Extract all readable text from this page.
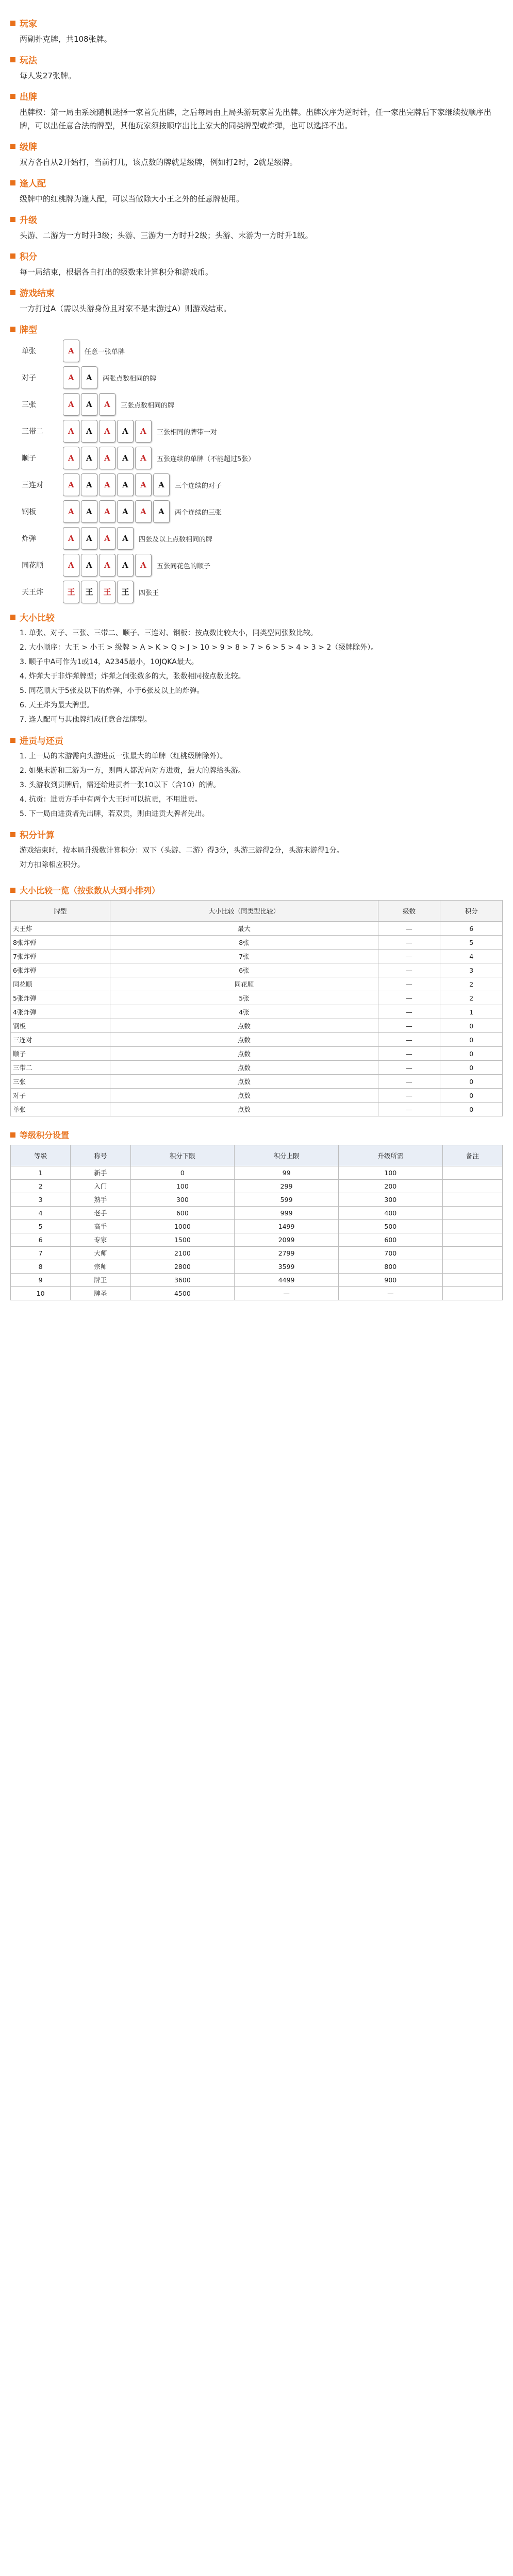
玩家
两副扑克牌，共108张牌。
玩法
每人发27张牌。
出牌
出牌权：第一局由系统随机选择一家首先出牌，之后每局由上局头游玩家首先出牌。出牌次序为逆时针，任一家出完牌后下家继续按顺序出牌，可以出任意合法的牌型，其他玩家须按顺序出比上家大的同类牌型或炸弹，也可以选择不出。
级牌
双方各自从2开始打，当前打几，该点数的牌就是级牌，例如打2时，2就是级牌。
逢人配
级牌中的红桃牌为逢人配，可以当做除大小王之外的任意牌使用。
升级
头游、二游为一方时升3级；头游、三游为一方时升2级；头游、末游为一方时升1级。
积分
每一局结束，根据各自打出的级数来计算积分和游戏币。
游戏结束
一方打过A（需以头游身份且对家不是末游过A）则游戏结束。
牌型
单张	A	任意一张单牌
对子	A	A	两张点数相同的牌
三张	A	A	A	三张点数相同的牌
三带二	A	A	A	A	A	三张相同的牌带一对
顺子	A	A	A	A	A	五张连续的单牌（不能超过5张）
三连对	A	A	A	A	A	A	三个连续的对子
钢板	A	A	A	A	A	A	两个连续的三张
炸弹	A	A	A	A	四张及以上点数相同的牌
同花顺	A	A	A	A	A	五张同花色的顺子
天王炸	王	王	王	王	四张王
大小比较
1. 单张、对子、三张、三带二、顺子、三连对、钢板：按点数比较大小，同类型同张数比较。
2. 大小顺序：大王 > 小王 > 级牌 > A > K > Q > J > 10 > 9 > 8 > 7 > 6 > 5 > 4 > 3 > 2（级牌除外）。
3. 顺子中A可作为1或14，A2345最小，10JQKA最大。
4. 炸弹大于非炸弹牌型；炸弹之间张数多的大，张数相同按点数比较。
5. 同花顺大于5张及以下的炸弹，小于6张及以上的炸弹。
6. 天王炸为最大牌型。
7. 逢人配可与其他牌组成任意合法牌型。
进贡与还贡
1. 上一局的末游需向头游进贡一张最大的单牌（红桃级牌除外）。
2. 如果末游和三游为一方，则两人都需向对方进贡，最大的牌给头游。
3. 头游收到贡牌后，需还给进贡者一张10以下（含10）的牌。
4. 抗贡：进贡方手中有两个大王时可以抗贡，不用进贡。
5. 下一局由进贡者先出牌，若双贡，则由进贡大牌者先出。
积分计算
游戏结束时，按本局升级数计算积分：双下（头游、二游）得3分，头游三游得2分，头游末游得1分。
对方扣除相应积分。
大小比较一览（按张数从大到小排列）
牌型	大小比较（同类型比较）	级数	积分
天王炸	最大	—	6
8张炸弹	8张	—	5
7张炸弹	7张	—	4
6张炸弹	6张	—	3
同花顺	同花顺	—	2
5张炸弹	5张	—	2
4张炸弹	4张	—	1
钢板	点数	—	0
三连对	点数	—	0
顺子	点数	—	0
三带二	点数	—	0
三张	点数	—	0
对子	点数	—	0
单张	点数	—	0
等级积分设置
等级	称号	积分下限	积分上限	升级所需	备注
1	新手	0	99	100	
2	入门	100	299	200	
3	熟手	300	599	300	
4	老手	600	999	400	
5	高手	1000	1499	500	
6	专家	1500	2099	600	
7	大师	2100	2799	700	
8	宗师	2800	3599	800	
9	牌王	3600	4499	900	
10	牌圣	4500	—	—	
